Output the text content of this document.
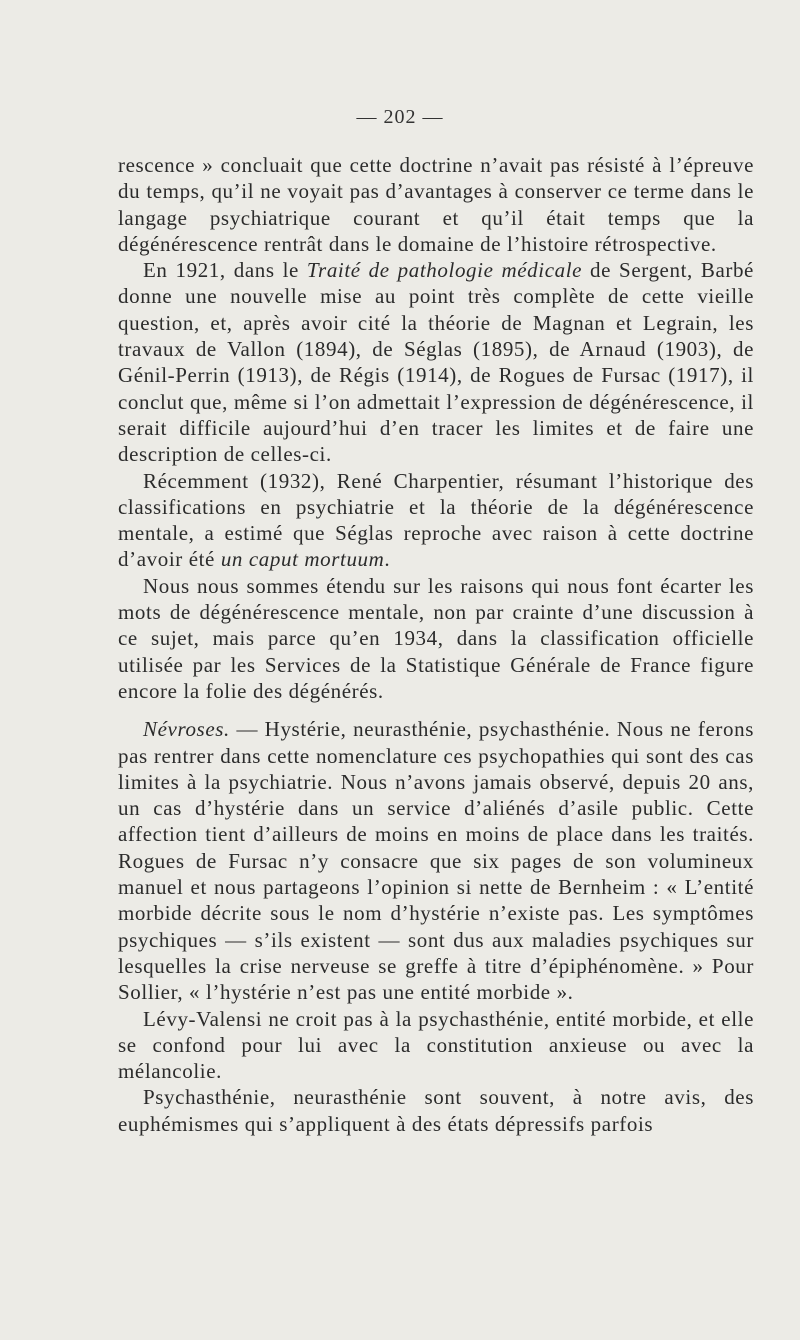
— 202 —

rescence » concluait que cette doctrine n’avait pas résisté à l’épreuve du temps, qu’il ne voyait pas d’avantages à conserver ce terme dans le langage psychiatrique courant et qu’il était temps que la dégénérescence rentrât dans le domaine de l’histoire rétrospective.

En 1921, dans le Traité de pathologie médicale de Sergent, Barbé donne une nouvelle mise au point très complète de cette vieille question, et, après avoir cité la théorie de Magnan et Legrain, les travaux de Vallon (1894), de Séglas (1895), de Arnaud (1903), de Génil-Perrin (1913), de Régis (1914), de Rogues de Fursac (1917), il conclut que, même si l’on admettait l’expression de dégénérescence, il serait difficile aujourd’hui d’en tracer les limites et de faire une description de celles-ci.

Récemment (1932), René Charpentier, résumant l’historique des classifications en psychiatrie et la théorie de la dégénérescence mentale, a estimé que Séglas reproche avec raison à cette doctrine d’avoir été un caput mortuum.

Nous nous sommes étendu sur les raisons qui nous font écarter les mots de dégénérescence mentale, non par crainte d’une discussion à ce sujet, mais parce qu’en 1934, dans la classification officielle utilisée par les Services de la Statistique Générale de France figure encore la folie des dégénérés.

Névroses. — Hystérie, neurasthénie, psychasthénie. Nous ne ferons pas rentrer dans cette nomenclature ces psychopathies qui sont des cas limites à la psychiatrie. Nous n’avons jamais observé, depuis 20 ans, un cas d’hystérie dans un service d’aliénés d’asile public. Cette affection tient d’ailleurs de moins en moins de place dans les traités. Rogues de Fursac n’y consacre que six pages de son volumineux manuel et nous partageons l’opinion si nette de Bernheim : « L’entité morbide décrite sous le nom d’hystérie n’existe pas. Les symptômes psychiques — s’ils existent — sont dus aux maladies psychiques sur lesquelles la crise nerveuse se greffe à titre d’épiphénomène. » Pour Sollier, « l’hystérie n’est pas une entité morbide ».

Lévy-Valensi ne croit pas à la psychasthénie, entité morbide, et elle se confond pour lui avec la constitution anxieuse ou avec la mélancolie.

Psychasthénie, neurasthénie sont souvent, à notre avis, des euphémismes qui s’appliquent à des états dépressifs parfois
